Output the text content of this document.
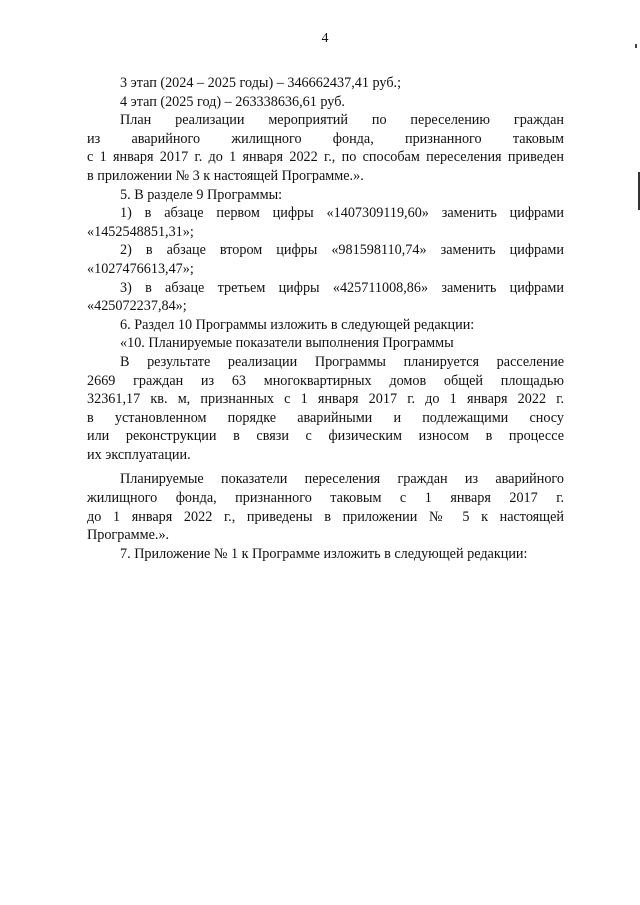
4

3 этап (2024 – 2025 годы) – 346662437,41 руб.;

4 этап (2025 год) – 263338636,61 руб.

План реализации мероприятий по переселению граждан

из аварийного жилищного фонда, признанного таковым
с 1 января 2017 г. до 1 января 2022 г., по способам переселения приведен
в приложении № 3 к настоящей Программе.».

5. В разделе 9 Программы:

1) в абзаце первом цифры «1407309119,60» заменить цифрами

«1452548851,31»;

2) в абзаце втором цифры «981598110,74» заменить цифрами

«1027476613,47»;

3) в абзаце третьем цифры «425711008,86» заменить цифрами

«425072237,84»;

6. Раздел 10 Программы изложить в следующей редакции:

«10. Планируемые показатели выполнения Программы

В результате реализации Программы планируется расселение

2669 граждан из 63 многоквартирных домов общей площадью
32361,17 кв. м, признанных с 1 января 2017 г. до 1 января 2022 г.
в установленном порядке аварийными и подлежащими сносу
или реконструкции в связи с физическим износом в процессе
их эксплуатации.

Планируемые показатели переселения граждан из аварийного

жилищного фонда, признанного таковым с 1 января 2017 г.
до 1 января 2022 г., приведены в приложении № 5 к настоящей
Программе.».

7. Приложение № 1 к Программе изложить в следующей редакции:
